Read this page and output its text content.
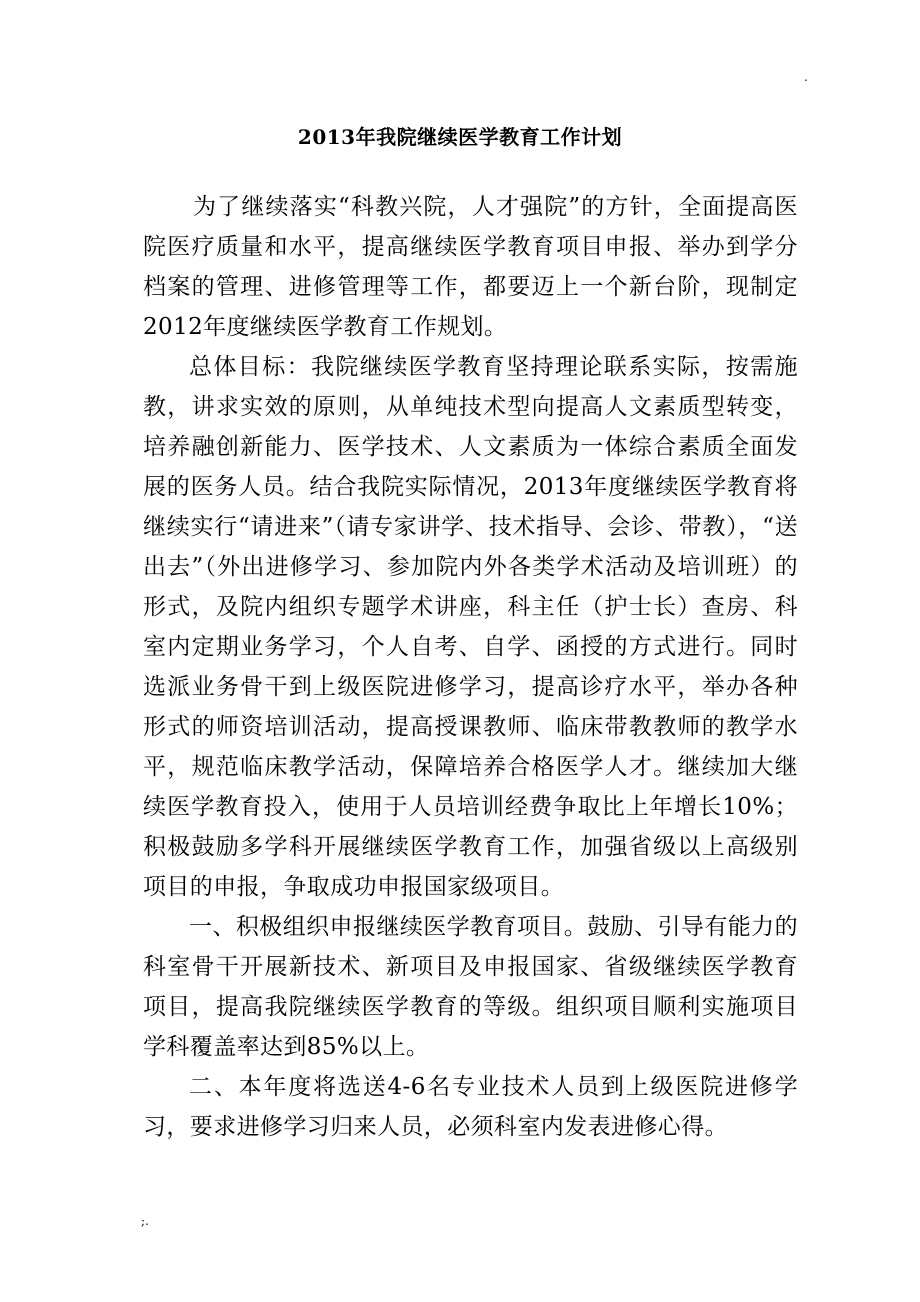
.
2013年我院继续医学教育工作计划

为了继续落实“科教兴院，人才强院”的方针，全面提高医院医疗质量和水平，提高继续医学教育项目申报、举办到学分档案的管理、进修管理等工作，都要迈上一个新台阶，现制定2012年度继续医学教育工作规划。

总体目标：我院继续医学教育坚持理论联系实际，按需施教，讲求实效的原则，从单纯技术型向提高人文素质型转变，培养融创新能力、医学技术、人文素质为一体综合素质全面发展的医务人员。结合我院实际情况，2013年度继续医学教育将继续实行“请进来”（请专家讲学、技术指导、会诊、带教），“送出去”（外出进修学习、参加院内外各类学术活动及培训班）的形式，及院内组织专题学术讲座，科主任（护士长）查房、科室内定期业务学习，个人自考、自学、函授的方式进行。同时选派业务骨干到上级医院进修学习，提高诊疗水平，举办各种形式的师资培训活动，提高授课教师、临床带教教师的教学水平，规范临床教学活动，保障培养合格医学人才。继续加大继续医学教育投入，使用于人员培训经费争取比上年增长10%；积极鼓励多学科开展继续医学教育工作，加强省级以上高级别项目的申报，争取成功申报国家级项目。

一、积极组织申报继续医学教育项目。鼓励、引导有能力的科室骨干开展新技术、新项目及申报国家、省级继续医学教育项目，提高我院继续医学教育的等级。组织项目顺利实施项目学科覆盖率达到85%以上。

二、本年度将选送4-6名专业技术人员到上级医院进修学习，要求进修学习归来人员，必须科室内发表进修心得。

;.
